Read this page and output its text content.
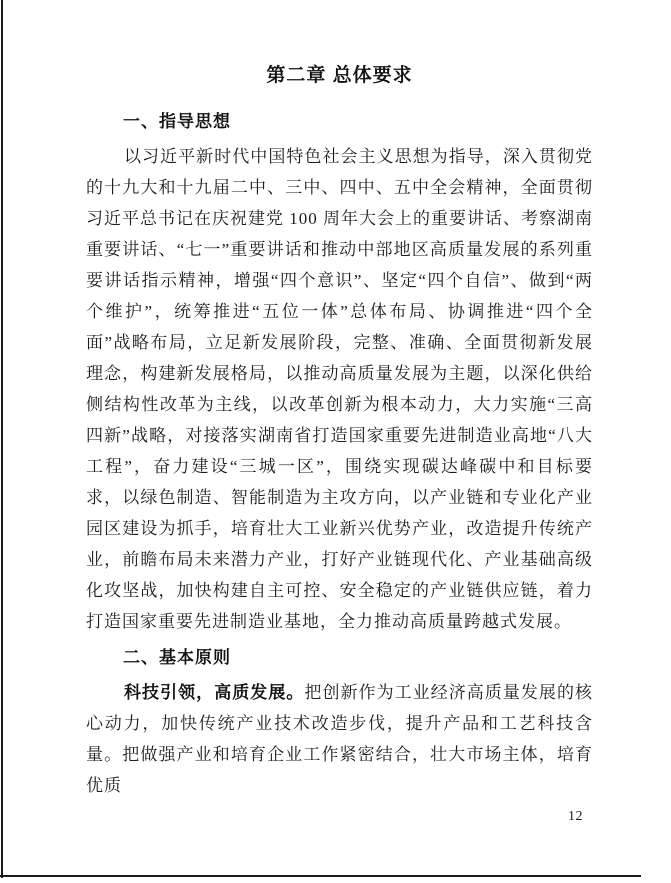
第二章 总体要求
一、指导思想

以习近平新时代中国特色社会主义思想为指导，深入贯彻党的十九大和十九届二中、三中、四中、五中全会精神，全面贯彻习近平总书记在庆祝建党 100 周年大会上的重要讲话、考察湖南重要讲话、“七一”重要讲话和推动中部地区高质量发展的系列重要讲话指示精神，增强“四个意识”、坚定“四个自信”、做到“两个维护”，统筹推进“五位一体”总体布局、协调推进“四个全面”战略布局，立足新发展阶段，完整、准确、全面贯彻新发展理念，构建新发展格局，以推动高质量发展为主题，以深化供给侧结构性改革为主线，以改革创新为根本动力，大力实施“三高四新”战略，对接落实湖南省打造国家重要先进制造业高地“八大工程”，奋力建设“三城一区”，围绕实现碳达峰碳中和目标要求，以绿色制造、智能制造为主攻方向，以产业链和专业化产业园区建设为抓手，培育壮大工业新兴优势产业，改造提升传统产业，前瞻布局未来潜力产业，打好产业链现代化、产业基础高级化攻坚战，加快构建自主可控、安全稳定的产业链供应链，着力打造国家重要先进制造业基地，全力推动高质量跨越式发展。

二、基本原则

科技引领，高质发展。把创新作为工业经济高质量发展的核心动力，加快传统产业技术改造步伐，提升产品和工艺科技含量。把做强产业和培育企业工作紧密结合，壮大市场主体，培育优质

12
